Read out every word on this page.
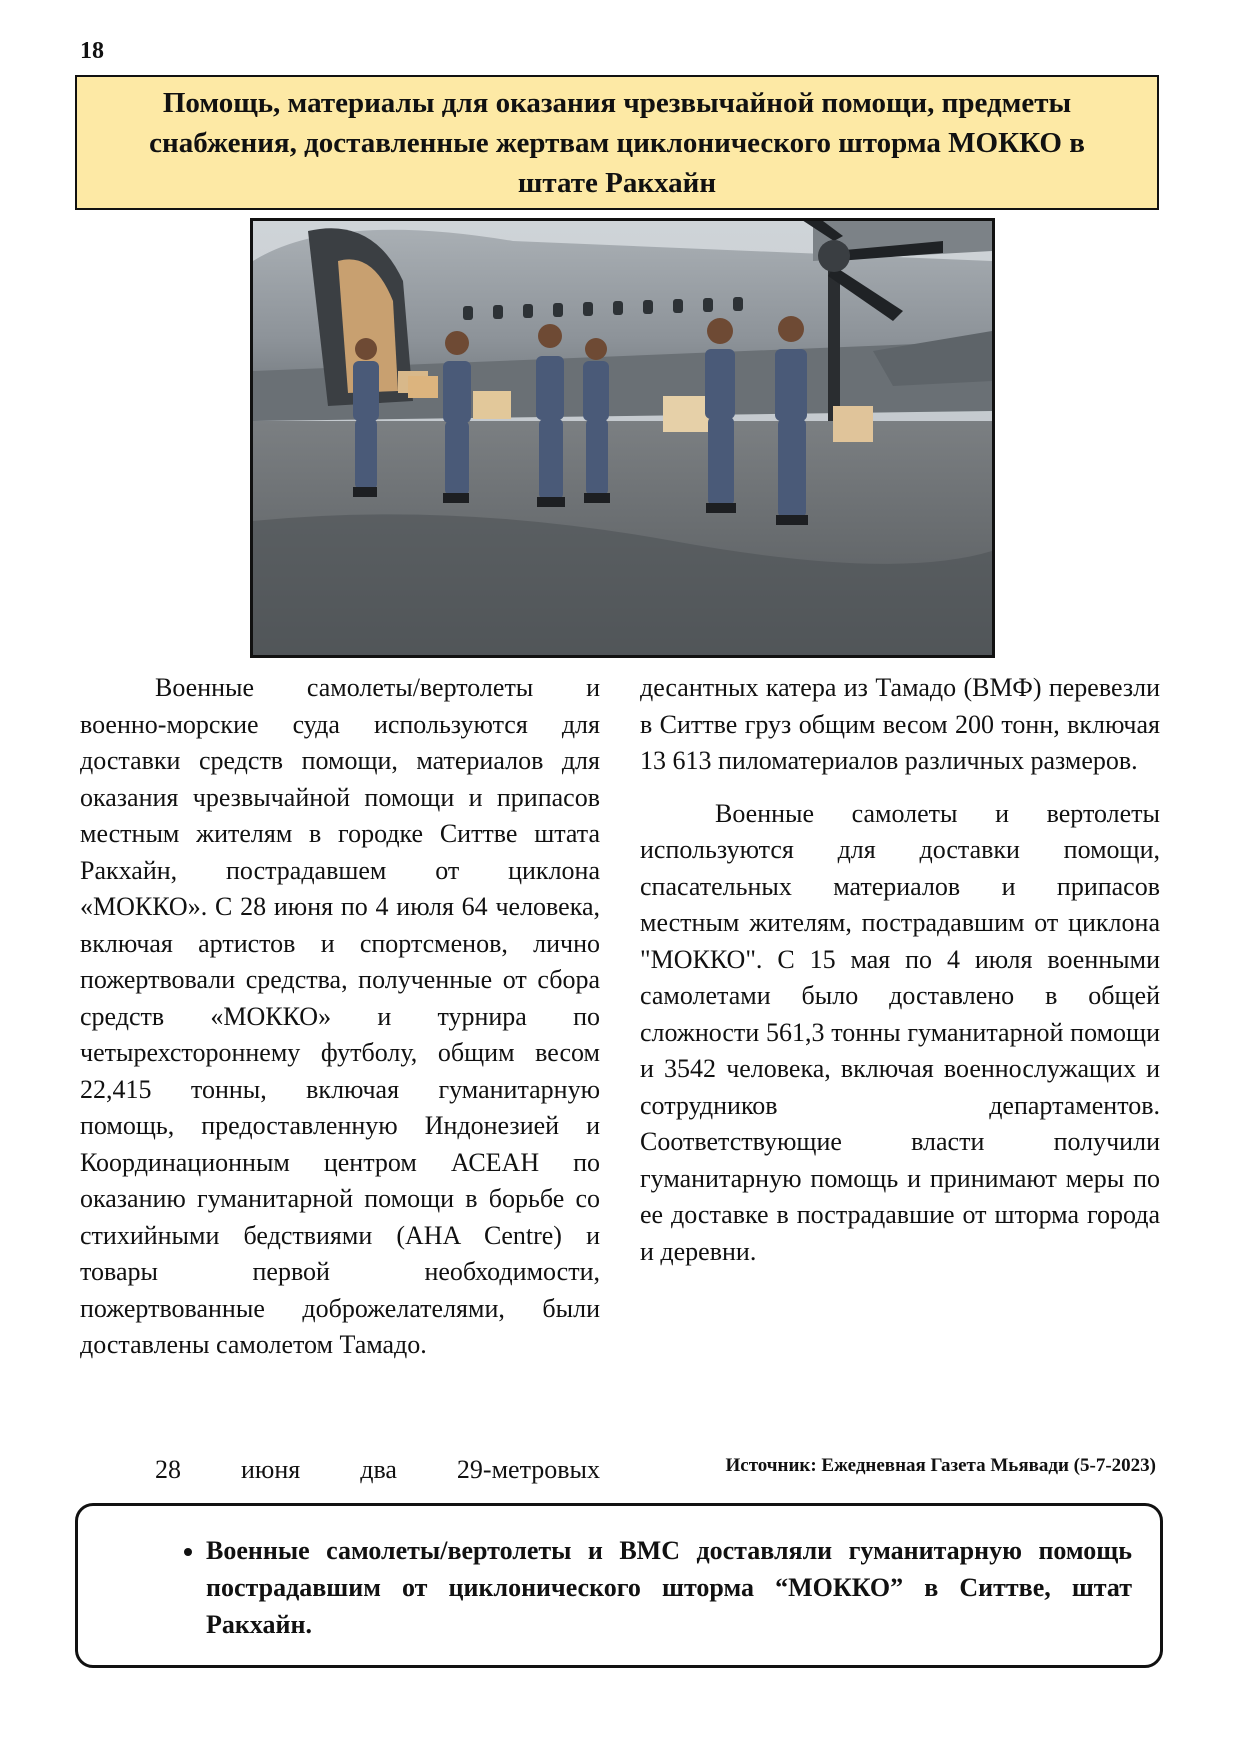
18
Помощь, материалы для оказания чрезвычайной помощи, предметы снабжения, доставленные жертвам циклонического шторма МОККО в штате Ракхайн

Военные самолеты/вертолеты и военно-морские суда используются для доставки средств помощи, материалов для оказания чрезвычайной помощи и припасов местным жителям в городке Ситтве штата Ракхайн, пострадавшем от циклона «МОККО». С 28 июня по 4 июля 64 человека, включая артистов и спортсменов, лично пожертвовали средства, полученные от сбора средств «МОККО» и турнира по четырехстороннему футболу, общим весом 22,415 тонны, включая гуманитарную помощь, предоставленную Индонезией и Координационным центром АСЕАН по оказанию гуманитарной помощи в борьбе со стихийными бедствиями (AHA Centre) и товары первой необходимости, пожертвованные доброжелателями, были доставлены самолетом Тамадо.

28 июня два 29-метровых

десантных катера из Тамадо (ВМФ) перевезли в Ситтве груз общим весом 200 тонн, включая 13 613 пиломатериалов различных размеров.

Военные самолеты и вертолеты используются для доставки помощи, спасательных материалов и припасов местным жителям, пострадавшим от циклона "МОККО". С 15 мая по 4 июля военными самолетами было доставлено в общей сложности 561,3 тонны гуманитарной помощи и 3542 человека, включая военнослужащих и сотрудников департаментов. Соответствующие власти получили гуманитарную помощь и принимают меры по ее доставке в пострадавшие от шторма города и деревни.

Источник: Ежедневная Газета Мьявади (5-7-2023)
• Военные самолеты/вертолеты и ВМС доставляли гуманитарную помощь пострадавшим от циклонического шторма “МОККО” в Ситтве, штат Ракхайн.
